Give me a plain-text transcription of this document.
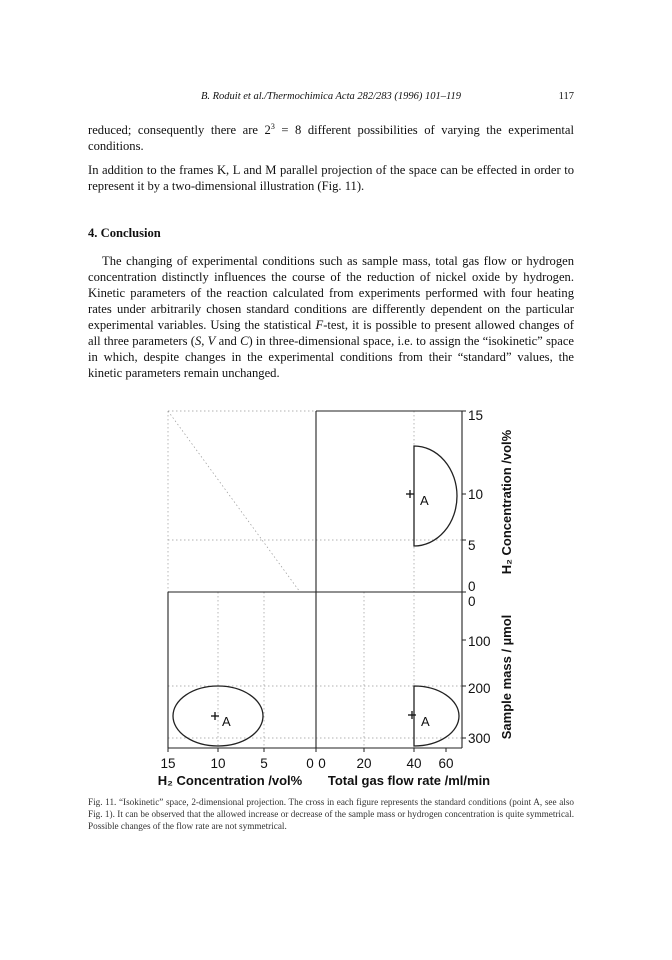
B. Roduit et al./Thermochimica Acta 282/283 (1996) 101–119	117
reduced; consequently there are $2^3 = 8$ different possibilities of varying the experimental conditions.
In addition to the frames K, L and M parallel projection of the space can be effected in order to represent it by a two-dimensional illustration (Fig. 11).
4. Conclusion
The changing of experimental conditions such as sample mass, total gas flow or hydrogen concentration distinctly influences the course of the reduction of nickel oxide by hydrogen. Kinetic parameters of the reaction calculated from experiments performed with four heating rates under arbitrarily chosen standard conditions are differently dependent on the particular experimental variables. Using the statistical F-test, it is possible to present allowed changes of all three parameters (S, V and C) in three-dimensional space, i.e. to assign the “isokinetic” space in which, despite changes in the experimental conditions from their “standard” values, the kinetic parameters remain unchanged.
A
A
A
15
10
5
0
0
100
200
300
H₂ Concentration /vol%
Sample mass / µmol
15	10	5	0 0 20	40 60
H₂ Concentration /vol% Total gas flow rate /ml/min
Fig. 11. “Isokinetic” space, 2-dimensional projection. The cross in each figure represents the standard conditions (point A, see also Fig. 1). It can be observed that the allowed increase or decrease of the sample mass or hydrogen concentration is quite symmetrical. Possible changes of the flow rate are not symmetrical.
